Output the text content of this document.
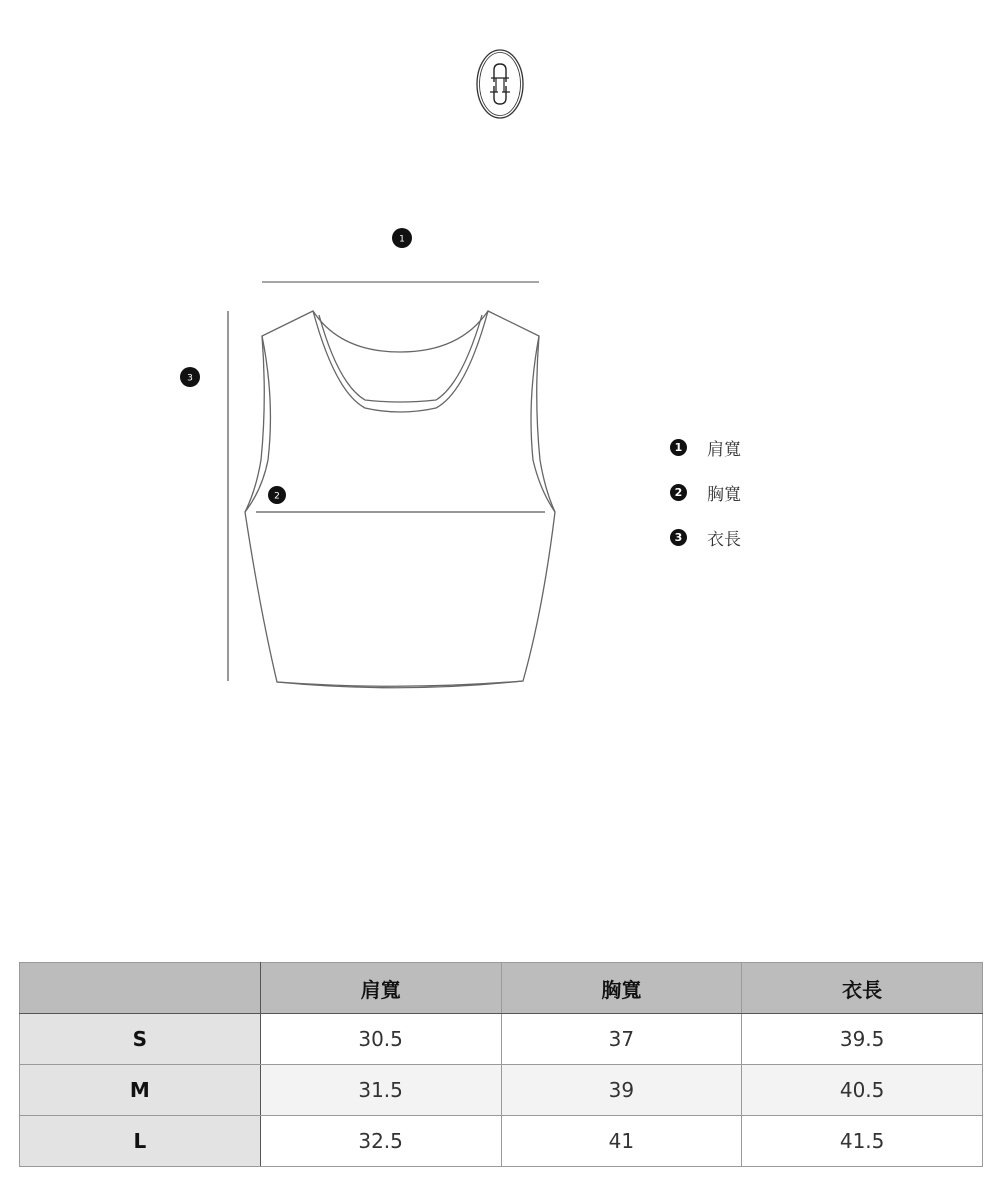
1
2
3
1 肩寬
2 胸寬
3 衣長
	肩寬	胸寬	衣長
S	30.5	37	39.5
M	31.5	39	40.5
L	32.5	41	41.5
